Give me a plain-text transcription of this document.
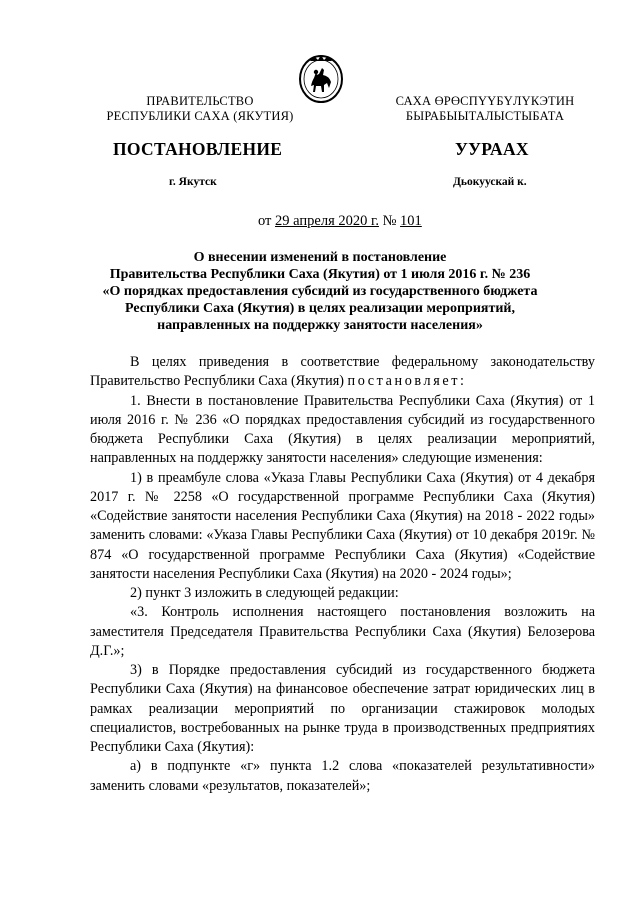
ПРАВИТЕЛЬСТВО
РЕСПУБЛИКИ САХА (ЯКУТИЯ)
САХА ӨРӨСПҮҮБҮЛҮКЭТИН
БЫРАБЫЫТАЛЫСТЫБАТА
ПОСТАНОВЛЕНИЕ	УУРААХ
г. Якутск	Дьокуускай к.
от 29 апреля 2020 г. № 101
О внесении изменений в постановление
Правительства Республики Саха (Якутия) от 1 июля 2016 г. № 236
«О порядках предоставления субсидий из государственного бюджета
Республики Саха (Якутия) в целях реализации мероприятий,
направленных на поддержку занятости населения»

В целях приведения в соответствие федеральному законодательству Правительство Республики Саха (Якутия) постановляет:

1. Внести в постановление Правительства Республики Саха (Якутия) от 1 июля 2016 г. № 236 «О порядках предоставления субсидий из государственного бюджета Республики Саха (Якутия) в целях реализации мероприятий, направленных на поддержку занятости населения» следующие изменения:

1) в преамбуле слова «Указа Главы Республики Саха (Якутия) от 4 декабря 2017 г. № 2258 «О государственной программе Республики Саха (Якутия) «Содействие занятости населения Республики Саха (Якутия) на 2018 - 2022 годы» заменить словами: «Указа Главы Республики Саха (Якутия) от 10 декабря 2019г. № 874 «О государственной программе Республики Саха (Якутия) «Содействие занятости населения Республики Саха (Якутия) на 2020 - 2024 годы»;

2) пункт 3 изложить в следующей редакции:

«3. Контроль исполнения настоящего постановления возложить на заместителя Председателя Правительства Республики Саха (Якутия) Белозерова Д.Г.»;

3) в Порядке предоставления субсидий из государственного бюджета Республики Саха (Якутия) на финансовое обеспечение затрат юридических лиц в рамках реализации мероприятий по организации стажировок молодых специалистов, востребованных на рынке труда в производственных предприятиях Республики Саха (Якутия):

а) в подпункте «г» пункта 1.2 слова «показателей результативности» заменить словами «результатов, показателей»;
